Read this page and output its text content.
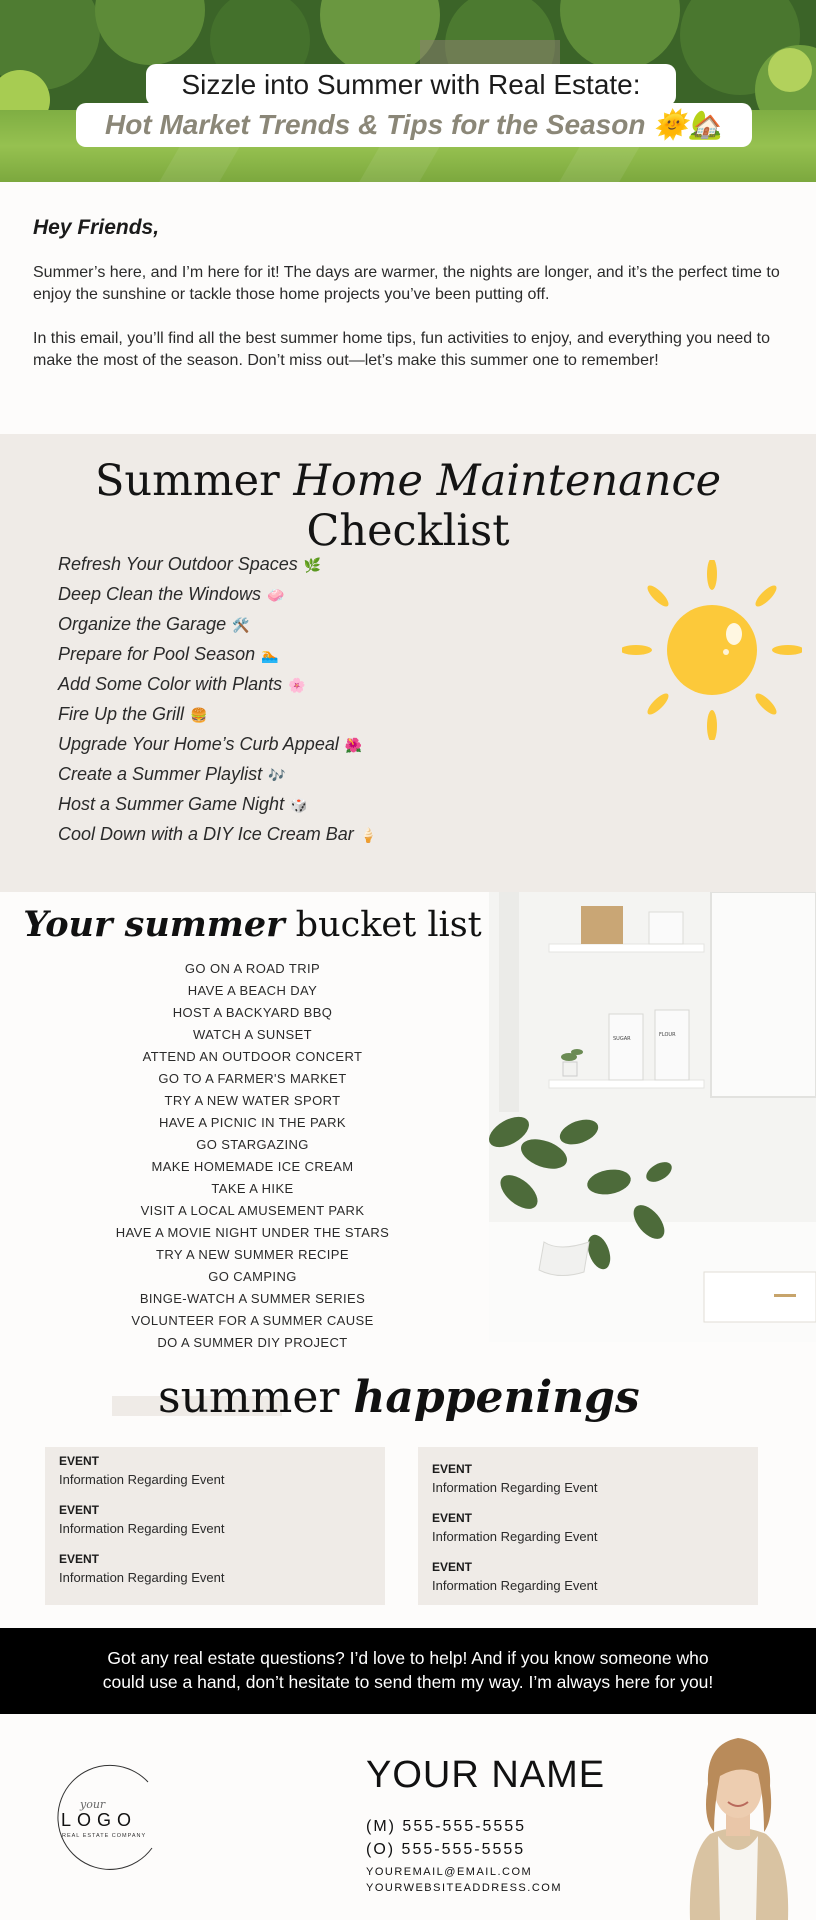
Sizzle into Summer with Real Estate:
Hot Market Trends & Tips for the Season 🌞🏡
Hey Friends,

Summer’s here, and I’m here for it! The days are warmer, the nights are longer, and it’s the perfect time to enjoy the sunshine or tackle those home projects you’ve been putting off.

In this email, you’ll find all the best summer home tips, fun activities to enjoy, and everything you need to make the most of the season. Don’t miss out—let’s make this summer one to remember!

Summer Home Maintenance Checklist
Refresh Your Outdoor Spaces 🌿
Deep Clean the Windows 🧼
Organize the Garage 🛠️
Prepare for Pool Season 🏊
Add Some Color with Plants 🌸
Fire Up the Grill 🍔
Upgrade Your Home’s Curb Appeal 🌺
Create a Summer Playlist 🎶
Host a Summer Game Night 🎲
Cool Down with a DIY Ice Cream Bar 🍦
Your summer bucket list
GO ON A ROAD TRIP
HAVE A BEACH DAY
HOST A BACKYARD BBQ
WATCH A SUNSET
ATTEND AN OUTDOOR CONCERT
GO TO A FARMER'S MARKET
TRY A NEW WATER SPORT
HAVE A PICNIC IN THE PARK
GO STARGAZING
MAKE HOMEMADE ICE CREAM
TAKE A HIKE
VISIT A LOCAL AMUSEMENT PARK
HAVE A MOVIE NIGHT UNDER THE STARS
TRY A NEW SUMMER RECIPE
GO CAMPING
BINGE-WATCH A SUMMER SERIES
VOLUNTEER FOR A SUMMER CAUSE
DO A SUMMER DIY PROJECT
SUGAR
FLOUR
summer happenings
EVENT
Information Regarding Event
EVENT
Information Regarding Event
EVENT
Information Regarding Event
EVENT
Information Regarding Event
EVENT
Information Regarding Event
EVENT
Information Regarding Event
Got any real estate questions? I’d love to help! And if you know someone who
could use a hand, don’t hesitate to send them my way. I’m always here for you!
your
LOGO
REAL ESTATE COMPANY
YOUR NAME
(M) 555-555-5555
(O) 555-555-5555
YOUREMAIL@EMAIL.COM
YOURWEBSITEADDRESS.COM
